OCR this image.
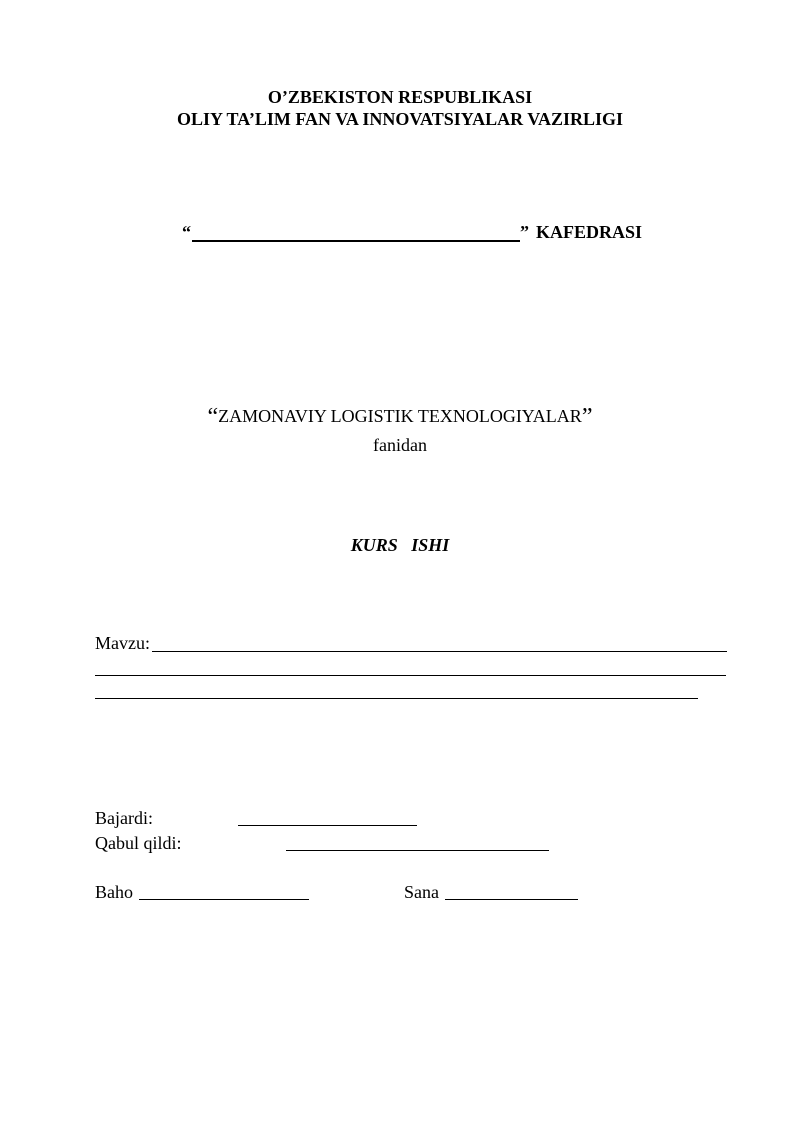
O’ZBEKISTON RESPUBLIKASI
OLIY TA’LIM FAN VA INNOVATSIYALAR VAZIRLIGI
“	” KAFEDRASI
“ZAMONAVIY LOGISTIK TEXNOLOGIYALAR”
fanidan
KURS   ISHI
Mavzu:
Bajardi:
Qabul qildi:
Baho	Sana
